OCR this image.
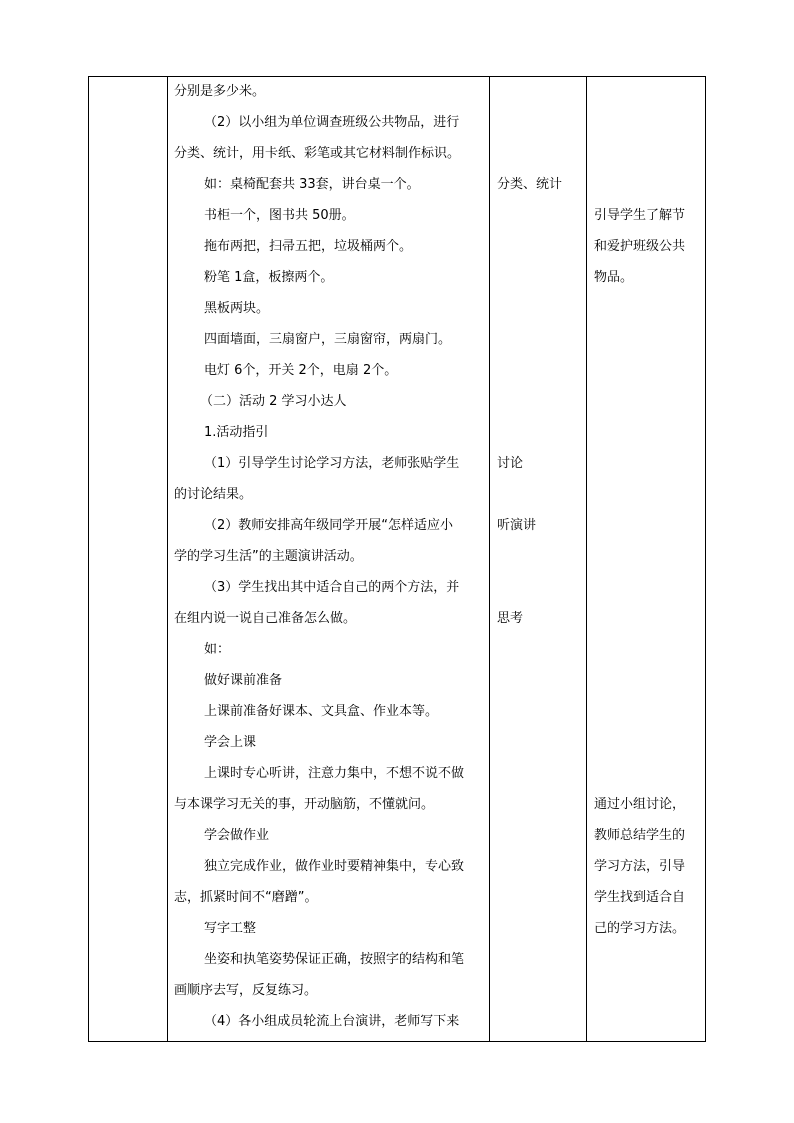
分别是多少米。
（2）以小组为单位调查班级公共物品，进行
分类、统计，用卡纸、彩笔或其它材料制作标识。
如：桌椅配套共 33套，讲台桌一个。
书柜一个，图书共 50册。
拖布两把，扫帚五把，垃圾桶两个。
粉笔 1盒，板擦两个。
黑板两块。
四面墙面，三扇窗户，三扇窗帘，两扇门。
电灯 6个，开关 2个，电扇 2个。
（二）活动 2 学习小达人
1.活动指引
（1）引导学生讨论学习方法，老师张贴学生
的讨论结果。
（2）教师安排高年级同学开展“怎样适应小
学的学习生活”的主题演讲活动。
（3）学生找出其中适合自己的两个方法，并
在组内说一说自己准备怎么做。
如：
做好课前准备
上课前准备好课本、文具盒、作业本等。
学会上课
上课时专心听讲，注意力集中，不想不说不做
与本课学习无关的事，开动脑筋，不懂就问。
学会做作业
独立完成作业，做作业时要精神集中，专心致
志，抓紧时间不“磨蹭”。
写字工整
坐姿和执笔姿势保证正确，按照字的结构和笔
画顺序去写，反复练习。
（4）各小组成员轮流上台演讲，老师写下来
分类、统计
讨论
听演讲
思考
引导学生了解节
和爱护班级公共
物品。
通过小组讨论，
教师总结学生的
学习方法，引导
学生找到适合自
己的学习方法。
